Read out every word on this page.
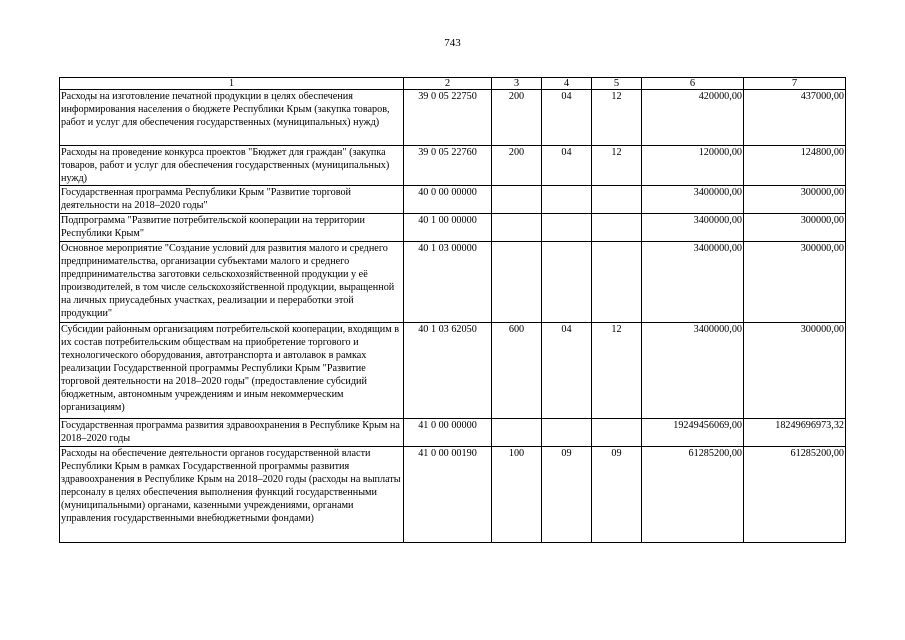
743
1	2	3	4	5	6	7
Расходы на изготовление печатной продукции в целях обеспечения информирования населения о бюджете Республики Крым (закупка товаров, работ и услуг для обеспечения государственных (муниципальных) нужд)	39 0 05 22750	200	04	12	420000,00	437000,00
Расходы на проведение конкурса проектов "Бюджет для граждан" (закупка товаров, работ и услуг для обеспечения государственных (муниципальных) нужд)	39 0 05 22760	200	04	12	120000,00	124800,00
Государственная программа Республики Крым "Развитие торговой деятельности на 2018–2020 годы"	40 0 00 00000				3400000,00	300000,00
Подпрограмма "Развитие потребительской кооперации на территории Республики Крым"	40 1 00 00000				3400000,00	300000,00
Основное мероприятие "Создание условий для развития малого и среднего предпринимательства, организации субъектами малого и среднего предпринимательства заготовки сельскохозяйственной продукции у её производителей, в том числе сельскохозяйственной продукции, выращенной на личных приусадебных участках, реализации и переработки этой продукции"	40 1 03 00000				3400000,00	300000,00
Субсидии районным организациям потребительской кооперации, входящим в их состав потребительским обществам на приобретение торгового и технологического оборудования, автотранспорта и автолавок в рамках реализации Государственной программы Республики Крым "Развитие торговой деятельности на 2018–2020 годы" (предоставление субсидий бюджетным, автономным учреждениям и иным некоммерческим организациям)	40 1 03 62050	600	04	12	3400000,00	300000,00
Государственная программа развития здравоохранения в Республике Крым на 2018–2020 годы	41 0 00 00000				19249456069,00	18249696973,32
Расходы на обеспечение деятельности органов государственной власти Республики Крым в рамках Государственной программы развития здравоохранения в Республике Крым на 2018–2020 годы (расходы на выплаты персоналу в целях обеспечения выполнения функций государственными (муниципальными) органами, казенными учреждениями, органами управления государственными внебюджетными фондами)	41 0 00 00190	100	09	09	61285200,00	61285200,00
